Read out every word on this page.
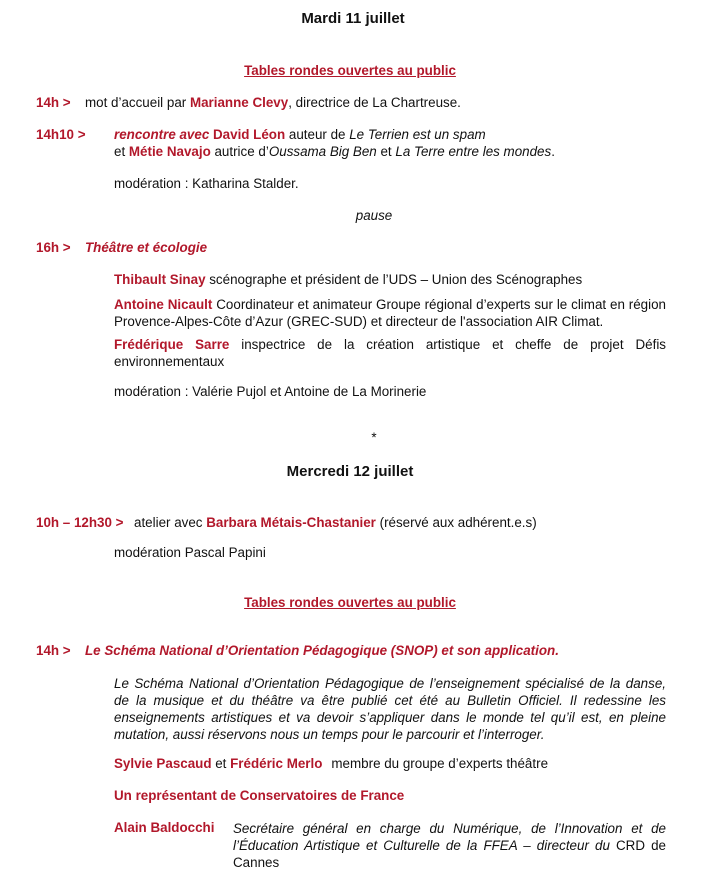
Mardi 11 juillet
Tables rondes ouvertes au public
14h > mot d’accueil par Marianne Clevy, directrice de La Chartreuse.
14h10 > rencontre avec David Léon auteur de Le Terrien est un spam
et Métie Navajo autrice d’Oussama Big Ben et La Terre entre les mondes.
modération : Katharina Stalder.
pause
16h > Théâtre et écologie
Thibault Sinay scénographe et président de l’UDS – Union des Scénographes
Antoine Nicault Coordinateur et animateur Groupe régional d’experts sur le climat en région Provence-Alpes-Côte d’Azur (GREC-SUD) et directeur de l'association AIR Climat.
Frédérique Sarre inspectrice de la création artistique et cheffe de projet Défis environnementaux
modération : Valérie Pujol et Antoine de La Morinerie
*
Mercredi 12 juillet
10h – 12h30 > atelier avec Barbara Métais-Chastanier (réservé aux adhérent.e.s)
modération Pascal Papini
Tables rondes ouvertes au public
14h > Le Schéma National d’Orientation Pédagogique (SNOP) et son application.
Le Schéma National d’Orientation Pédagogique de l’enseignement spécialisé de la danse, de la musique et du théâtre va être publié cet été au Bulletin Officiel. Il redessine les enseignements artistiques et va devoir s’appliquer dans le monde tel qu’il est, en pleine mutation, aussi réservons nous un temps pour le parcourir et l’interroger.
Sylvie Pascaud et Frédéric Merlo membre du groupe d’experts théâtre
Un représentant de Conservatoires de France
Alain Baldocchi Secrétaire général en charge du Numérique, de l’Innovation et de l’Éducation Artistique et Culturelle de la FFEA – directeur du CRD de Cannes
